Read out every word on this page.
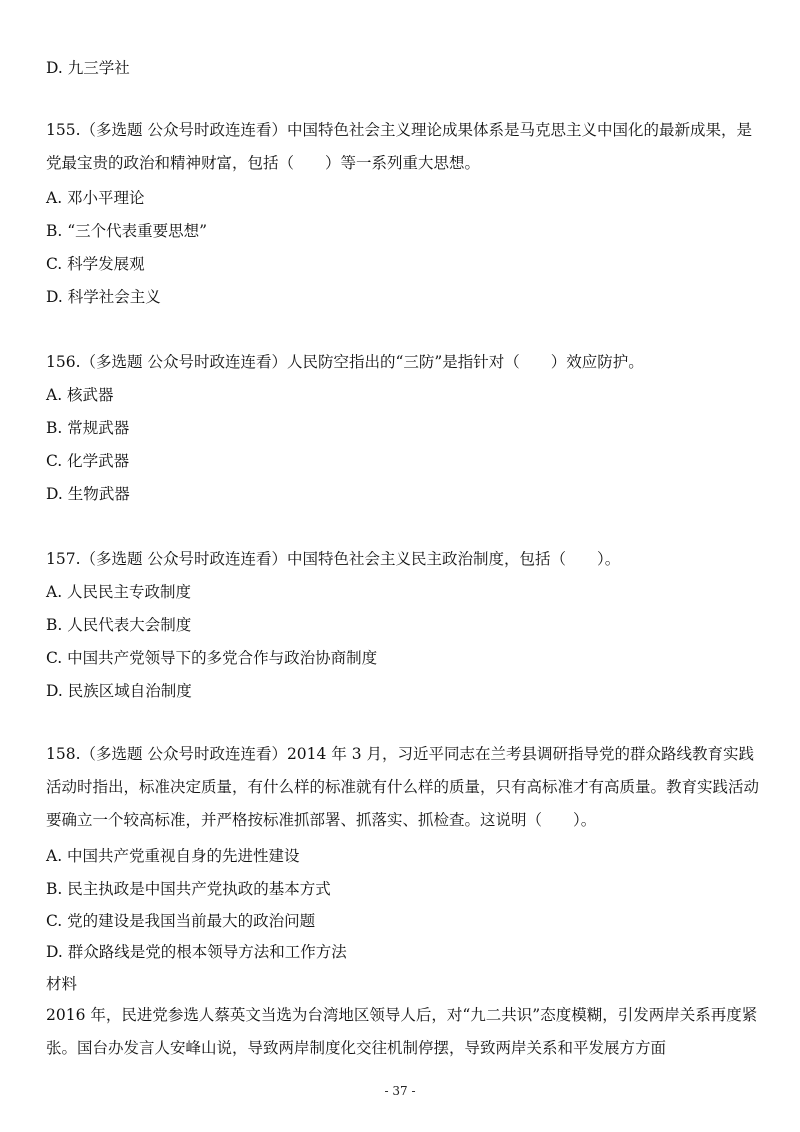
D. 九三学社
155.（多选题 公众号时政连连看）中国特色社会主义理论成果体系是马克思主义中国化的最新成果，是党最宝贵的政治和精神财富，包括（　　）等一系列重大思想。
A. 邓小平理论
B. “三个代表重要思想”
C. 科学发展观
D. 科学社会主义
156.（多选题 公众号时政连连看）人民防空指出的“三防”是指针对（　　）效应防护。
A. 核武器
B. 常规武器
C. 化学武器
D. 生物武器
157.（多选题 公众号时政连连看）中国特色社会主义民主政治制度，包括（　　）。
A. 人民民主专政制度
B. 人民代表大会制度
C. 中国共产党领导下的多党合作与政治协商制度
D. 民族区域自治制度
158.（多选题 公众号时政连连看）2014 年 3 月，习近平同志在兰考县调研指导党的群众路线教育实践活动时指出，标准决定质量，有什么样的标准就有什么样的质量，只有高标准才有高质量。教育实践活动要确立一个较高标准，并严格按标准抓部署、抓落实、抓检查。这说明（　　）。
A. 中国共产党重视自身的先进性建设
B. 民主执政是中国共产党执政的基本方式
C. 党的建设是我国当前最大的政治问题
D. 群众路线是党的根本领导方法和工作方法
材料
2016 年，民进党参选人蔡英文当选为台湾地区领导人后，对“九二共识”态度模糊，引发两岸关系再度紧张。国台办发言人安峰山说，导致两岸制度化交往机制停摆，导致两岸关系和平发展方方面
- 37 -
